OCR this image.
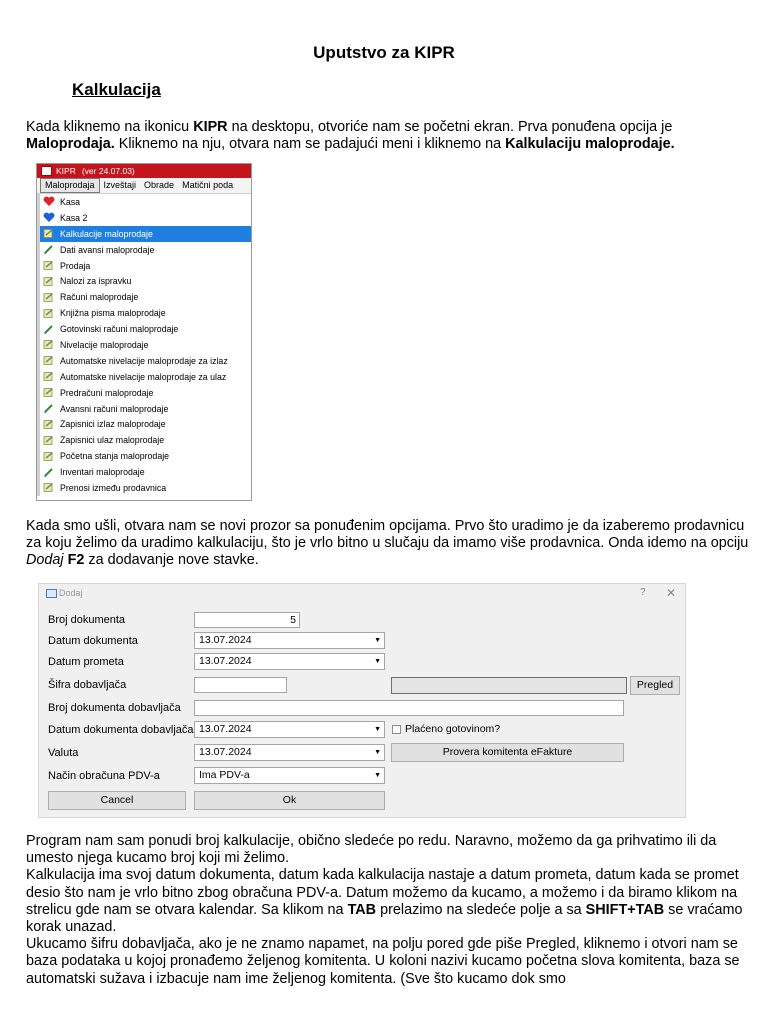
Uputstvo za KIPR
Kalkulacija
Kada kliknemo na ikonicu KIPR na desktopu, otvoriće nam se početni ekran. Prva ponuđena opcija je Maloprodaja. Kliknemo na nju, otvara nam se padajući meni i kliknemo na Kalkulaciju maloprodaje.
KIPR (ver 24.07.03)
Maloprodaja	Izveštaji Obrade Matični poda
Kasa
Kasa 2
Kalkulacije maloprodaje
Dati avansi maloprodaje
Prodaja
Nalozi za ispravku
Računi maloprodaje
Knjižna pisma maloprodaje
Gotovinski računi maloprodaje
Nivelacije maloprodaje
Automatske nivelacije maloprodaje za izlaz
Automatske nivelacije maloprodaje za ulaz
Predračuni maloprodaje
Avansni računi maloprodaje
Zapisnici izlaz maloprodaje
Zapisnici ulaz maloprodaje
Početna stanja maloprodaje
Inventari maloprodaje
Prenosi između prodavnica
Kada smo ušli, otvara nam se novi prozor sa ponuđenim opcijama. Prvo što uradimo je da izaberemo prodavnicu za koju želimo da uradimo kalkulaciju, što je vrlo bitno u slučaju da imamo više prodavnica. Onda idemo na opciju Dodaj F2 za dodavanje nove stavke.
Dodaj	? ✕
Broj dokumenta	5
Datum dokumenta	13.07.2024	▼
Datum prometa	13.07.2024	▼
Šifra dobavljača	Pregled
Broj dokumenta dobavljača
Datum dokumenta dobavljača 13.07.2024	▼ Plaćeno gotovinom?
Valuta	13.07.2024	▼	Provera komitenta eFakture
Način obračuna PDV-a	Ima PDV-a	▼
Cancel	Ok
Program nam sam ponudi broj kalkulacije, obično sledeće po redu. Naravno, možemo da ga prihvatimo ili da umesto njega kucamo broj koji mi želimo.
Kalkulacija ima svoj datum dokumenta, datum kada kalkulacija nastaje a datum prometa, datum kada se promet desio što nam je vrlo bitno zbog obračuna PDV-a. Datum možemo da kucamo, a možemo i da biramo klikom na strelicu gde nam se otvara kalendar. Sa klikom na TAB prelazimo na sledeće polje a sa SHIFT+TAB se vraćamo korak unazad.
Ukucamo šifru dobavljača, ako je ne znamo napamet, na polju pored gde piše Pregled, kliknemo i otvori nam se baza podataka u kojoj pronađemo željenog komitenta. U koloni nazivi kucamo početna slova komitenta, baza se automatski sužava i izbacuje nam ime željenog komitenta. (Sve što kucamo dok smo
